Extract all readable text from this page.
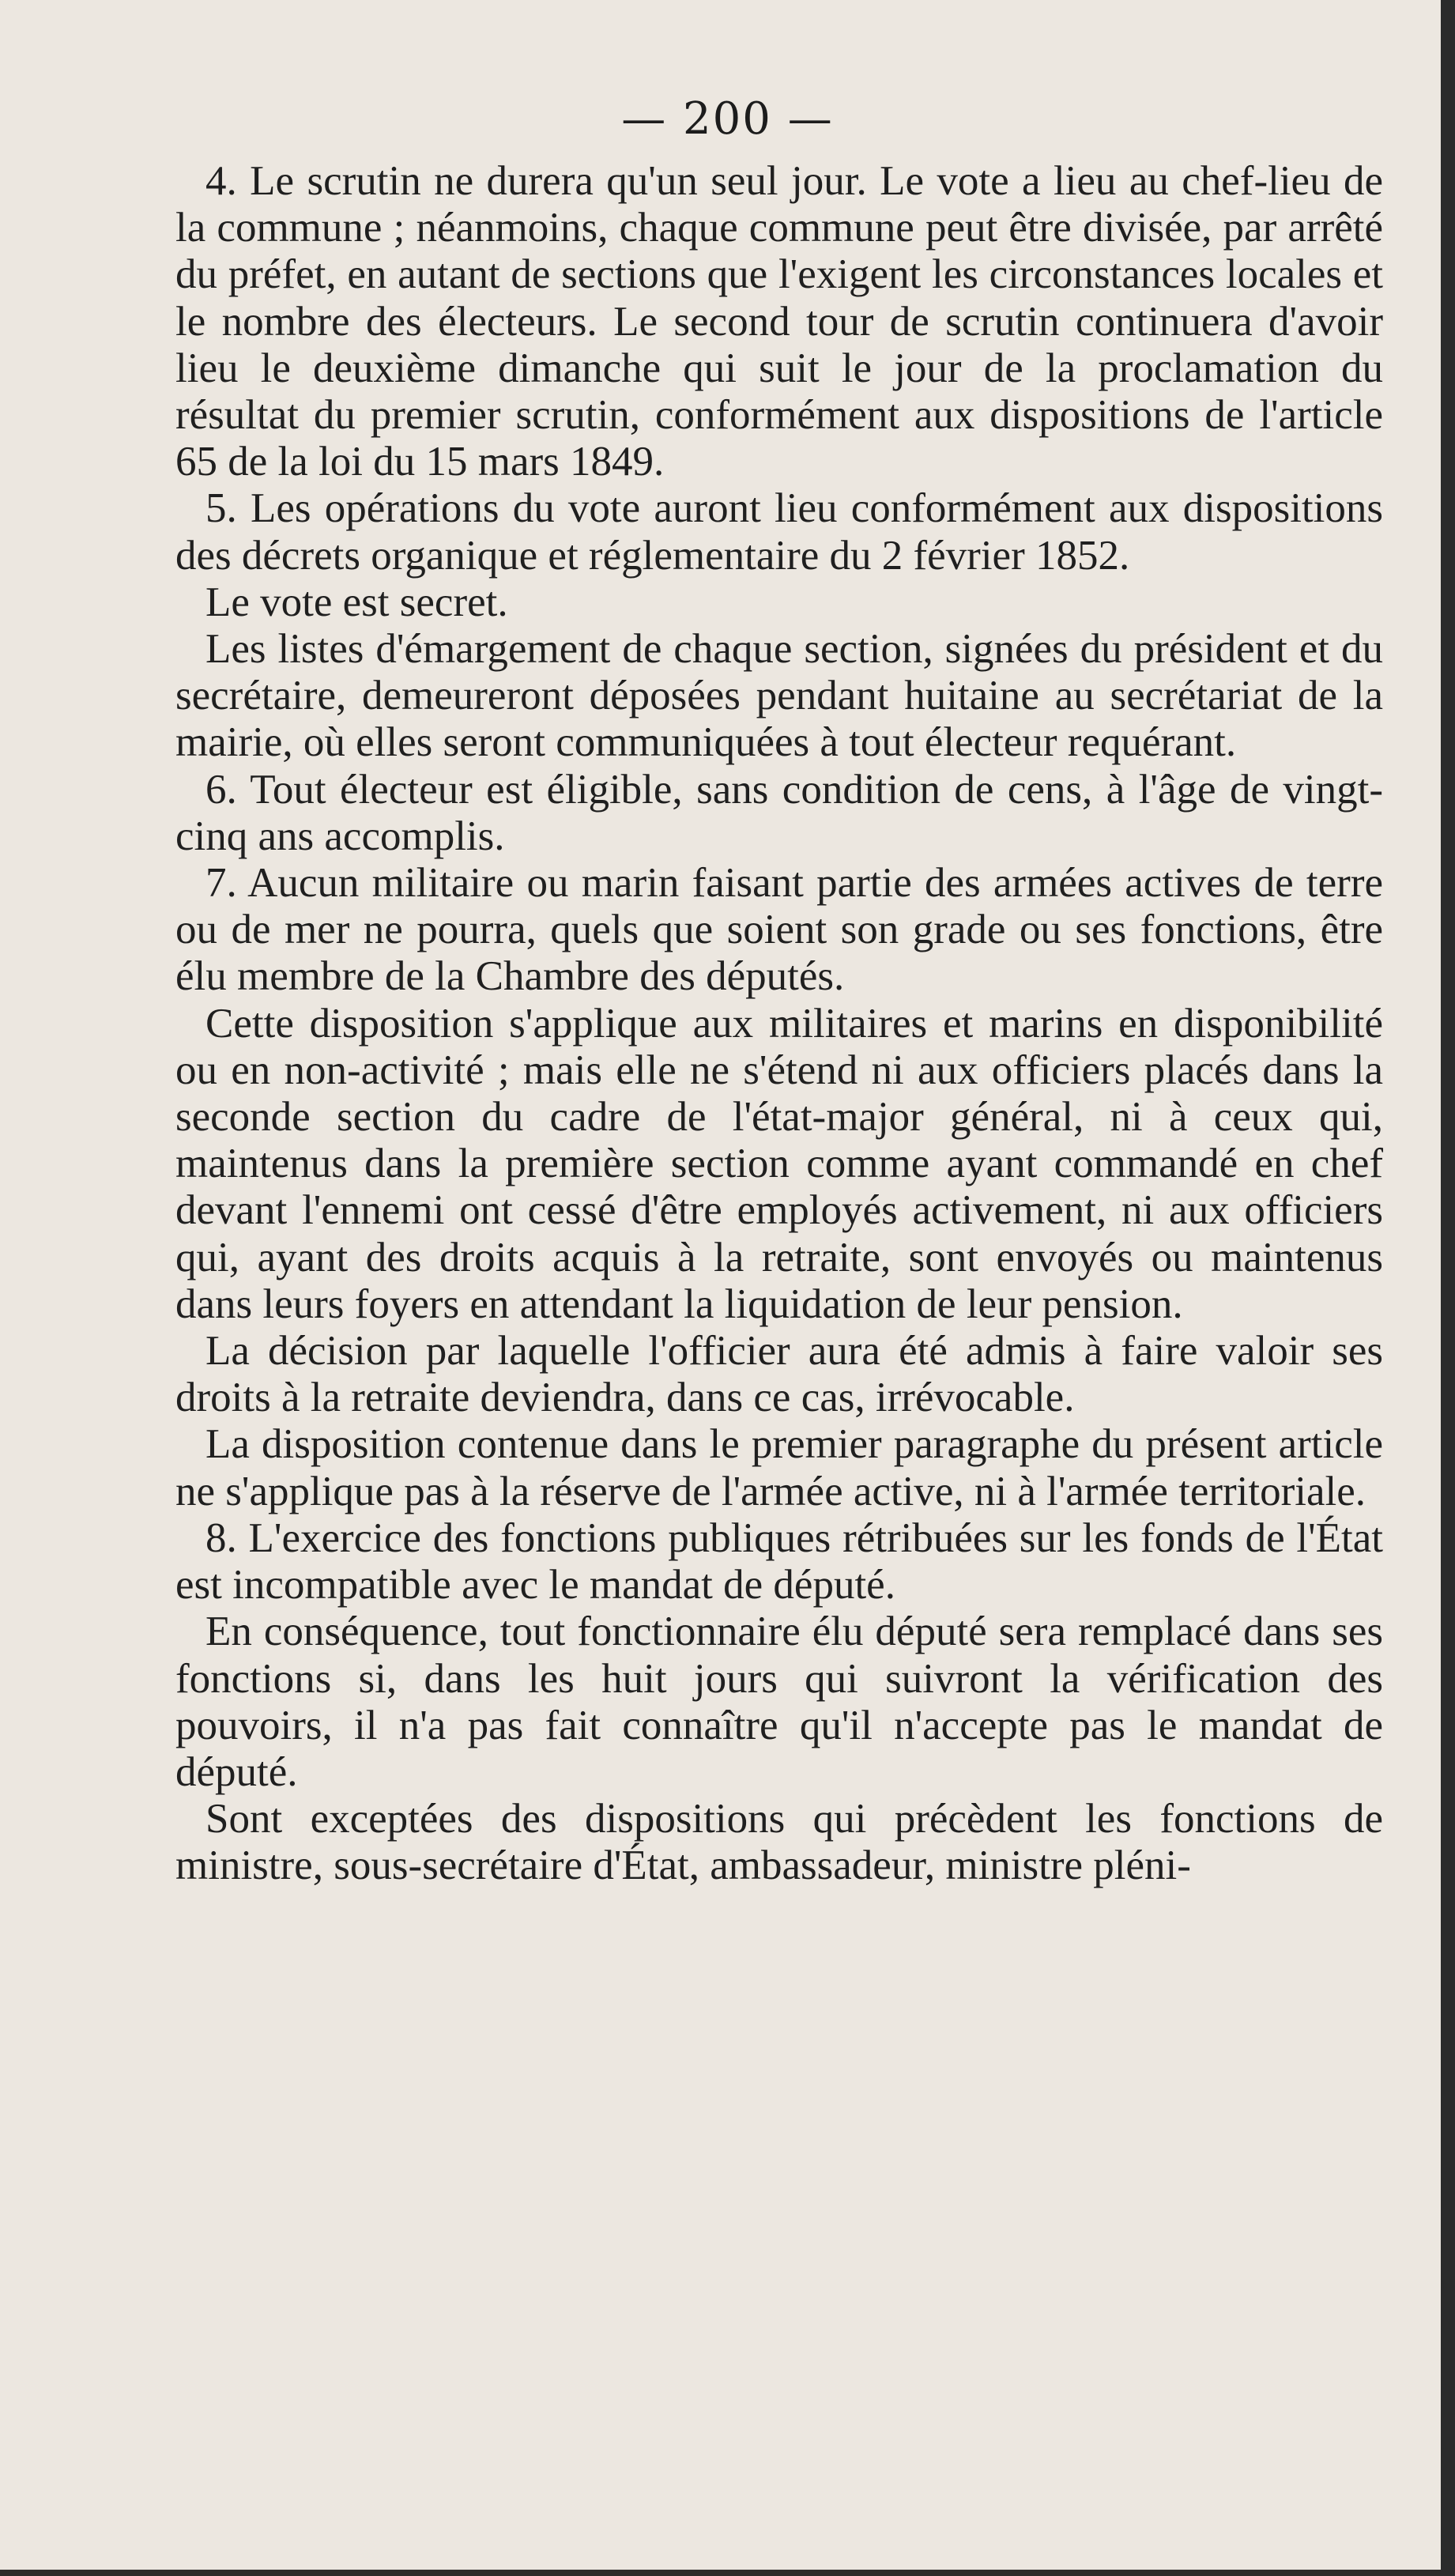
— 200 —

4. Le scrutin ne durera qu'un seul jour. Le vote a lieu au chef-lieu de la commune ; néanmoins, chaque commune peut être divisée, par arrêté du préfet, en autant de sections que l'exigent les circonstances locales et le nombre des électeurs. Le second tour de scrutin continuera d'avoir lieu le deuxième dimanche qui suit le jour de la proclamation du résultat du premier scrutin, conformément aux dispositions de l'article 65 de la loi du 15 mars 1849.

5. Les opérations du vote auront lieu conformément aux dispositions des décrets organique et réglementaire du 2 février 1852.

Le vote est secret.

Les listes d'émargement de chaque section, signées du président et du secrétaire, demeureront déposées pendant huitaine au secrétariat de la mairie, où elles seront communiquées à tout électeur requérant.

6. Tout électeur est éligible, sans condition de cens, à l'âge de vingt-cinq ans accomplis.

7. Aucun militaire ou marin faisant partie des armées actives de terre ou de mer ne pourra, quels que soient son grade ou ses fonctions, être élu membre de la Chambre des députés.

Cette disposition s'applique aux militaires et marins en disponibilité ou en non-activité ; mais elle ne s'étend ni aux officiers placés dans la seconde section du cadre de l'état-major général, ni à ceux qui, maintenus dans la première section comme ayant commandé en chef devant l'ennemi ont cessé d'être employés activement, ni aux officiers qui, ayant des droits acquis à la retraite, sont envoyés ou maintenus dans leurs foyers en attendant la liquidation de leur pension.

La décision par laquelle l'officier aura été admis à faire valoir ses droits à la retraite deviendra, dans ce cas, irrévocable.

La disposition contenue dans le premier paragraphe du présent article ne s'applique pas à la réserve de l'armée active, ni à l'armée territoriale.

8. L'exercice des fonctions publiques rétribuées sur les fonds de l'État est incompatible avec le mandat de député.

En conséquence, tout fonctionnaire élu député sera remplacé dans ses fonctions si, dans les huit jours qui suivront la vérification des pouvoirs, il n'a pas fait connaître qu'il n'accepte pas le mandat de député.

Sont exceptées des dispositions qui précèdent les fonctions de ministre, sous-secrétaire d'État, ambassadeur, ministre pléni-
